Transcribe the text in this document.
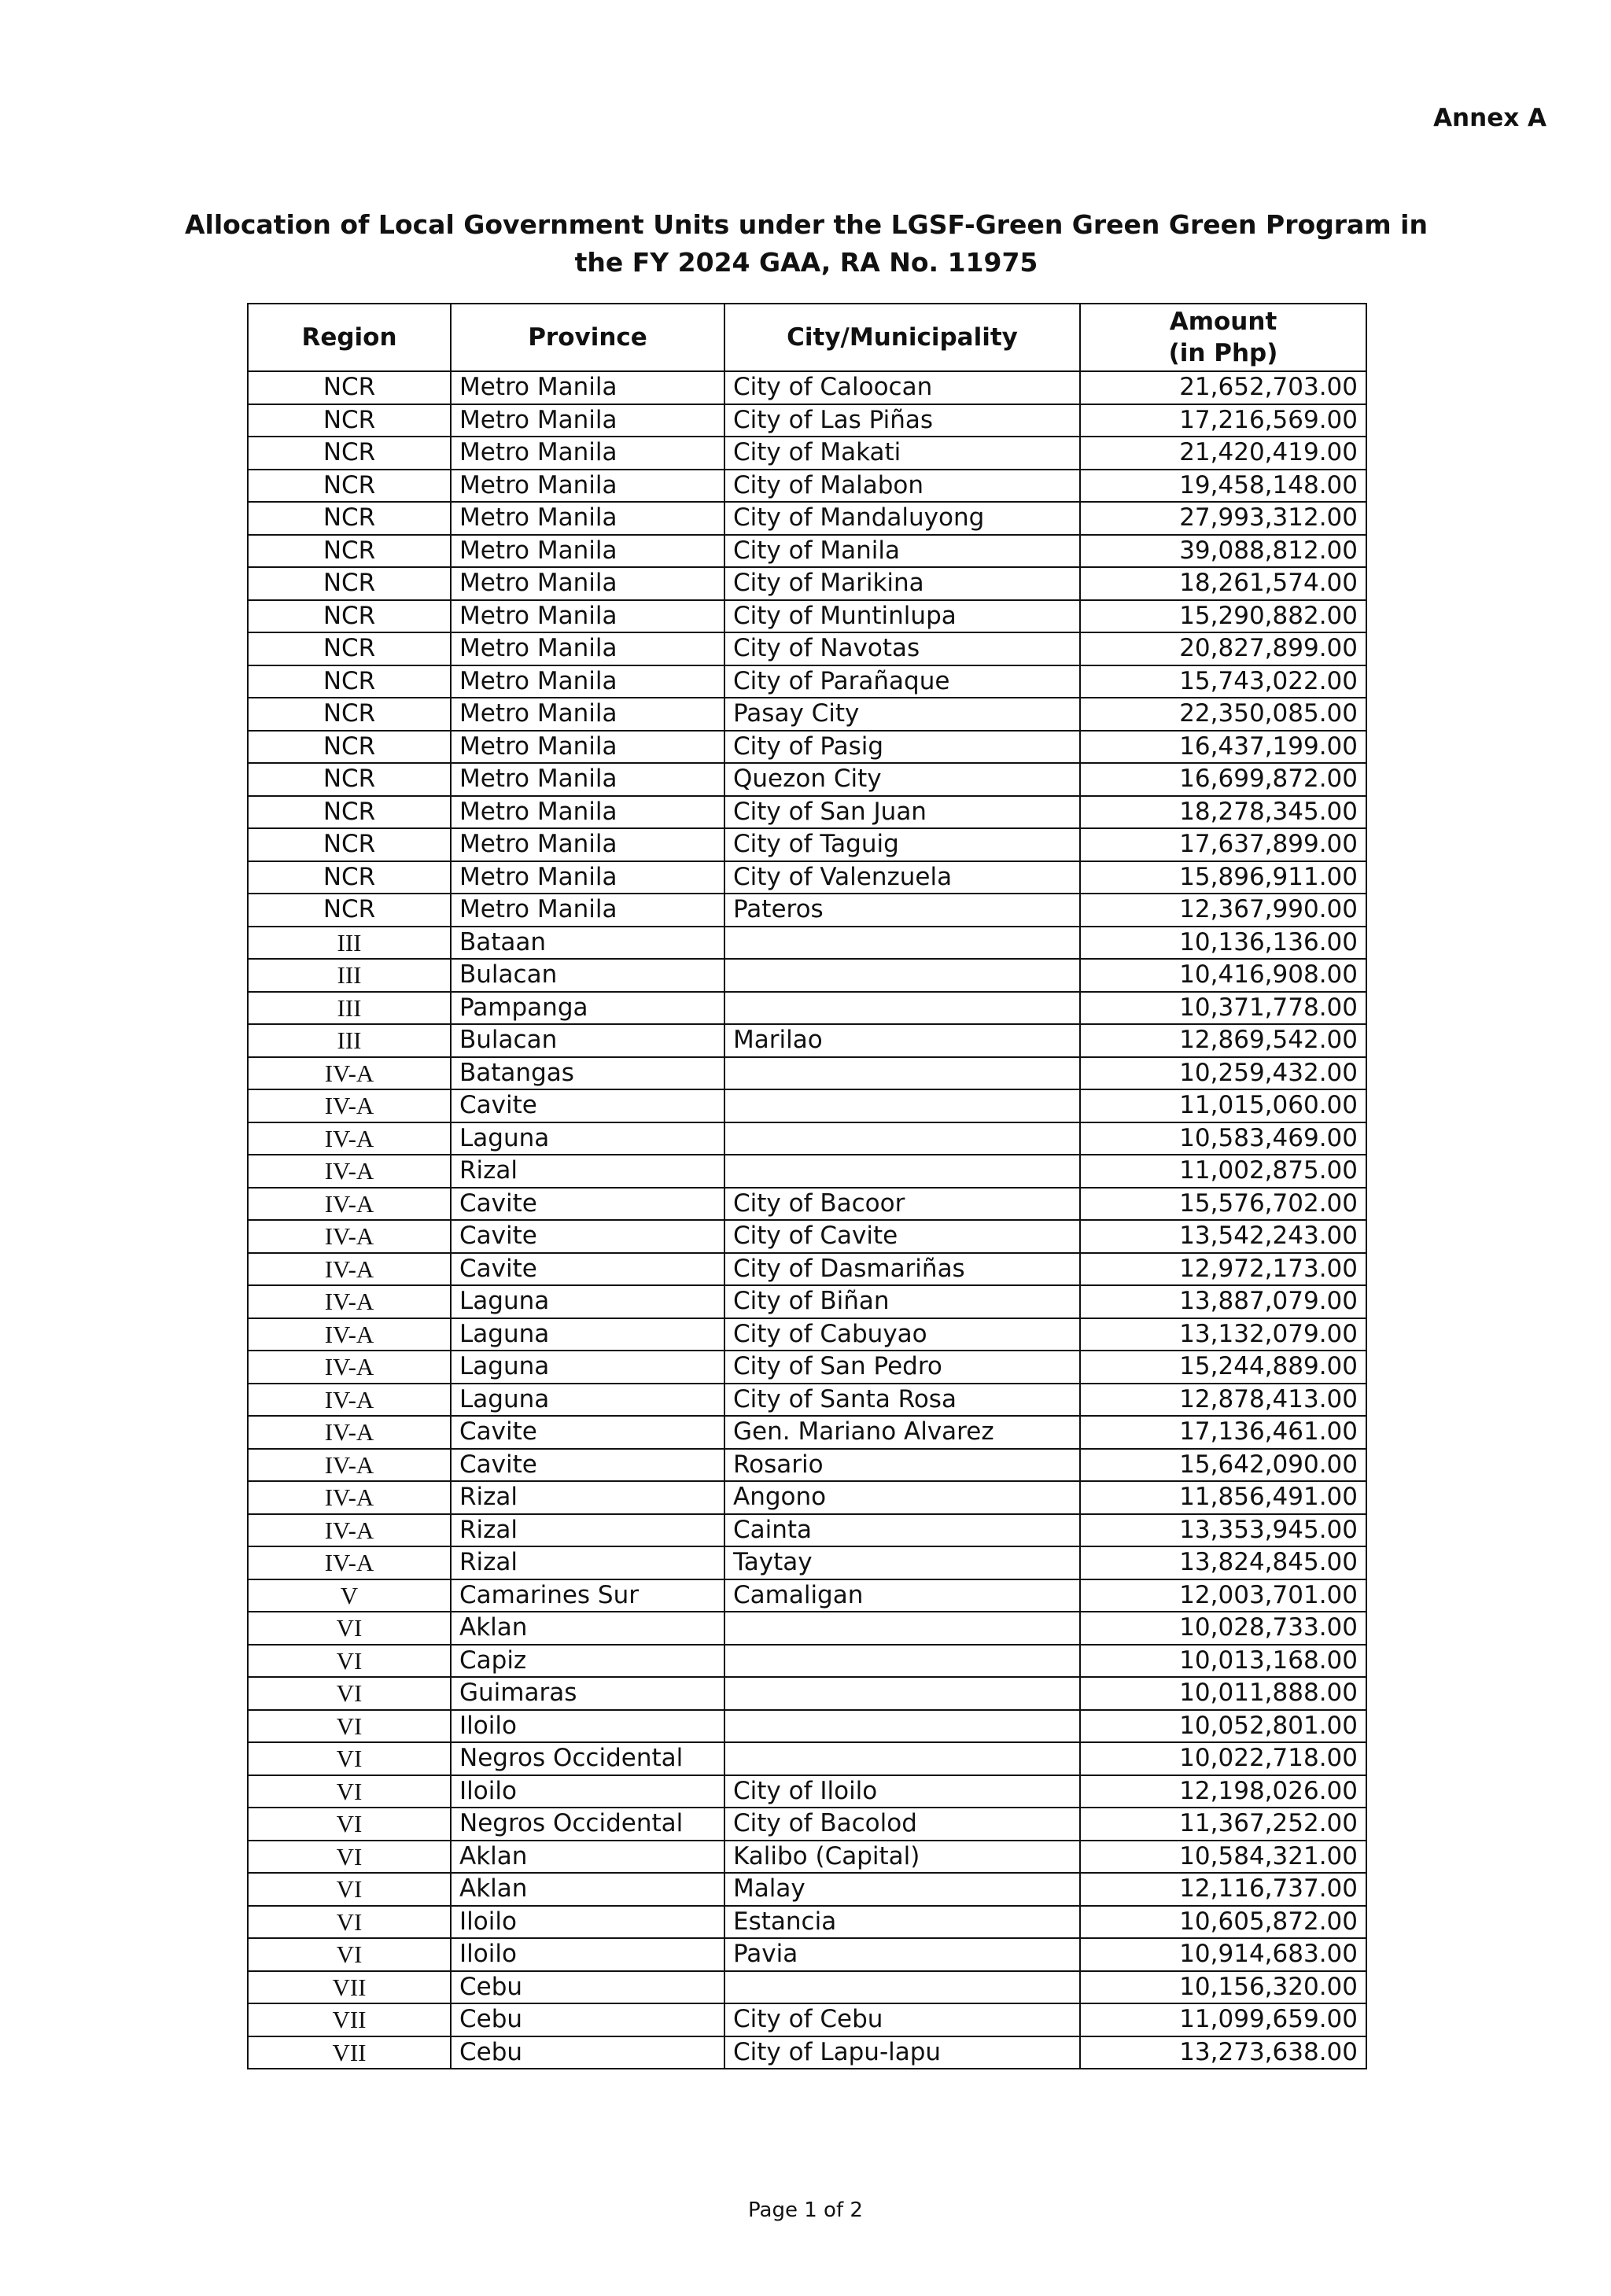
Annex A
Allocation of Local Government Units under the LGSF-Green Green Green Program in
the FY 2024 GAA, RA No. 11975
Region	Province	City/Municipality	Amount
(in Php)

NCR	Metro Manila	City of Caloocan	21,652,703.00
NCR	Metro Manila	City of Las Piñas	17,216,569.00
NCR	Metro Manila	City of Makati	21,420,419.00
NCR	Metro Manila	City of Malabon	19,458,148.00
NCR	Metro Manila	City of Mandaluyong	27,993,312.00
NCR	Metro Manila	City of Manila	39,088,812.00
NCR	Metro Manila	City of Marikina	18,261,574.00
NCR	Metro Manila	City of Muntinlupa	15,290,882.00
NCR	Metro Manila	City of Navotas	20,827,899.00
NCR	Metro Manila	City of Parañaque	15,743,022.00
NCR	Metro Manila	Pasay City	22,350,085.00
NCR	Metro Manila	City of Pasig	16,437,199.00
NCR	Metro Manila	Quezon City	16,699,872.00
NCR	Metro Manila	City of San Juan	18,278,345.00
NCR	Metro Manila	City of Taguig	17,637,899.00
NCR	Metro Manila	City of Valenzuela	15,896,911.00
NCR	Metro Manila	Pateros	12,367,990.00
III	Bataan		10,136,136.00
III	Bulacan		10,416,908.00
III	Pampanga		10,371,778.00
III	Bulacan	Marilao	12,869,542.00
IV-A	Batangas		10,259,432.00
IV-A	Cavite		11,015,060.00
IV-A	Laguna		10,583,469.00
IV-A	Rizal		11,002,875.00
IV-A	Cavite	City of Bacoor	15,576,702.00
IV-A	Cavite	City of Cavite	13,542,243.00
IV-A	Cavite	City of Dasmariñas	12,972,173.00
IV-A	Laguna	City of Biñan	13,887,079.00
IV-A	Laguna	City of Cabuyao	13,132,079.00
IV-A	Laguna	City of San Pedro	15,244,889.00
IV-A	Laguna	City of Santa Rosa	12,878,413.00
IV-A	Cavite	Gen. Mariano Alvarez	17,136,461.00
IV-A	Cavite	Rosario	15,642,090.00
IV-A	Rizal	Angono	11,856,491.00
IV-A	Rizal	Cainta	13,353,945.00
IV-A	Rizal	Taytay	13,824,845.00
V	Camarines Sur	Camaligan	12,003,701.00
VI	Aklan		10,028,733.00
VI	Capiz		10,013,168.00
VI	Guimaras		10,011,888.00
VI	Iloilo		10,052,801.00
VI	Negros Occidental		10,022,718.00
VI	Iloilo	City of Iloilo	12,198,026.00
VI	Negros Occidental	City of Bacolod	11,367,252.00
VI	Aklan	Kalibo (Capital)	10,584,321.00
VI	Aklan	Malay	12,116,737.00
VI	Iloilo	Estancia	10,605,872.00
VI	Iloilo	Pavia	10,914,683.00
VII	Cebu		10,156,320.00
VII	Cebu	City of Cebu	11,099,659.00
VII	Cebu	City of Lapu-lapu	13,273,638.00
Page 1 of 2
